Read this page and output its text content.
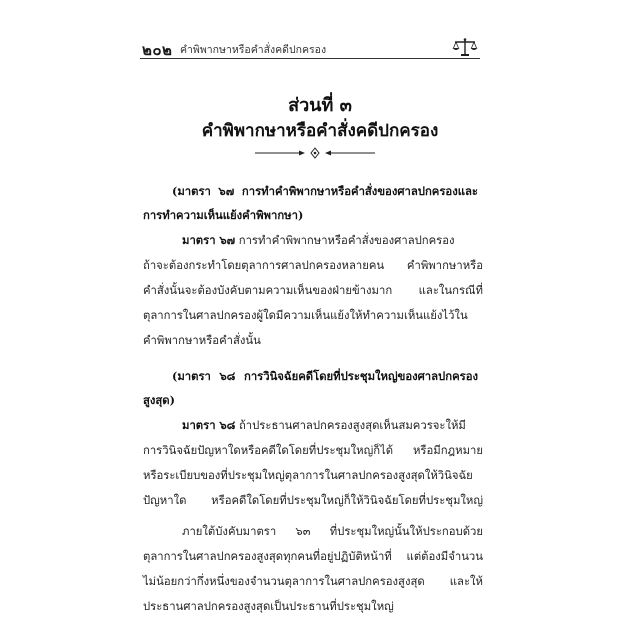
๒๐๒ คำพิพากษาหรือคำสั่งคดีปกครอง
ส่วนที่ ๓
คำพิพากษาหรือคำสั่งคดีปกครอง
(มาตรา ๖๗ การทำคำพิพากษาหรือคำสั่งของศาลปกครองและ
การทำความเห็นแย้งคำพิพากษา)
มาตรา ๖๗ การทำคำพิพากษาหรือคำสั่งของศาลปกครอง
ถ้าจะต้องกระทำโดยตุลาการศาลปกครองหลายคน คำพิพากษาหรือ
คำสั่งนั้นจะต้องบังคับตามความเห็นของฝ่ายข้างมาก และในกรณีที่
ตุลาการในศาลปกครองผู้ใดมีความเห็นแย้งให้ทำความเห็นแย้งไว้ใน
คำพิพากษาหรือคำสั่งนั้น
(มาตรา ๖๘ การวินิจฉัยคดีโดยที่ประชุมใหญ่ของศาลปกครอง
สูงสุด)
มาตรา ๖๘ ถ้าประธานศาลปกครองสูงสุดเห็นสมควรจะให้มี
การวินิจฉัยปัญหาใดหรือคดีใดโดยที่ประชุมใหญ่ก็ได้ หรือมีกฎหมาย
หรือระเบียบของที่ประชุมใหญ่ตุลาการในศาลปกครองสูงสุดให้วินิจฉัย
ปัญหาใด หรือคดีใดโดยที่ประชุมใหญ่ก็ให้วินิจฉัยโดยที่ประชุมใหญ่
ภายใต้บังคับมาตรา ๖๓ ที่ประชุมใหญ่นั้นให้ประกอบด้วย
ตุลาการในศาลปกครองสูงสุดทุกคนที่อยู่ปฏิบัติหน้าที่ แต่ต้องมีจำนวน
ไม่น้อยกว่ากึ่งหนึ่งของจำนวนตุลาการในศาลปกครองสูงสุด และให้
ประธานศาลปกครองสูงสุดเป็นประธานที่ประชุมใหญ่
